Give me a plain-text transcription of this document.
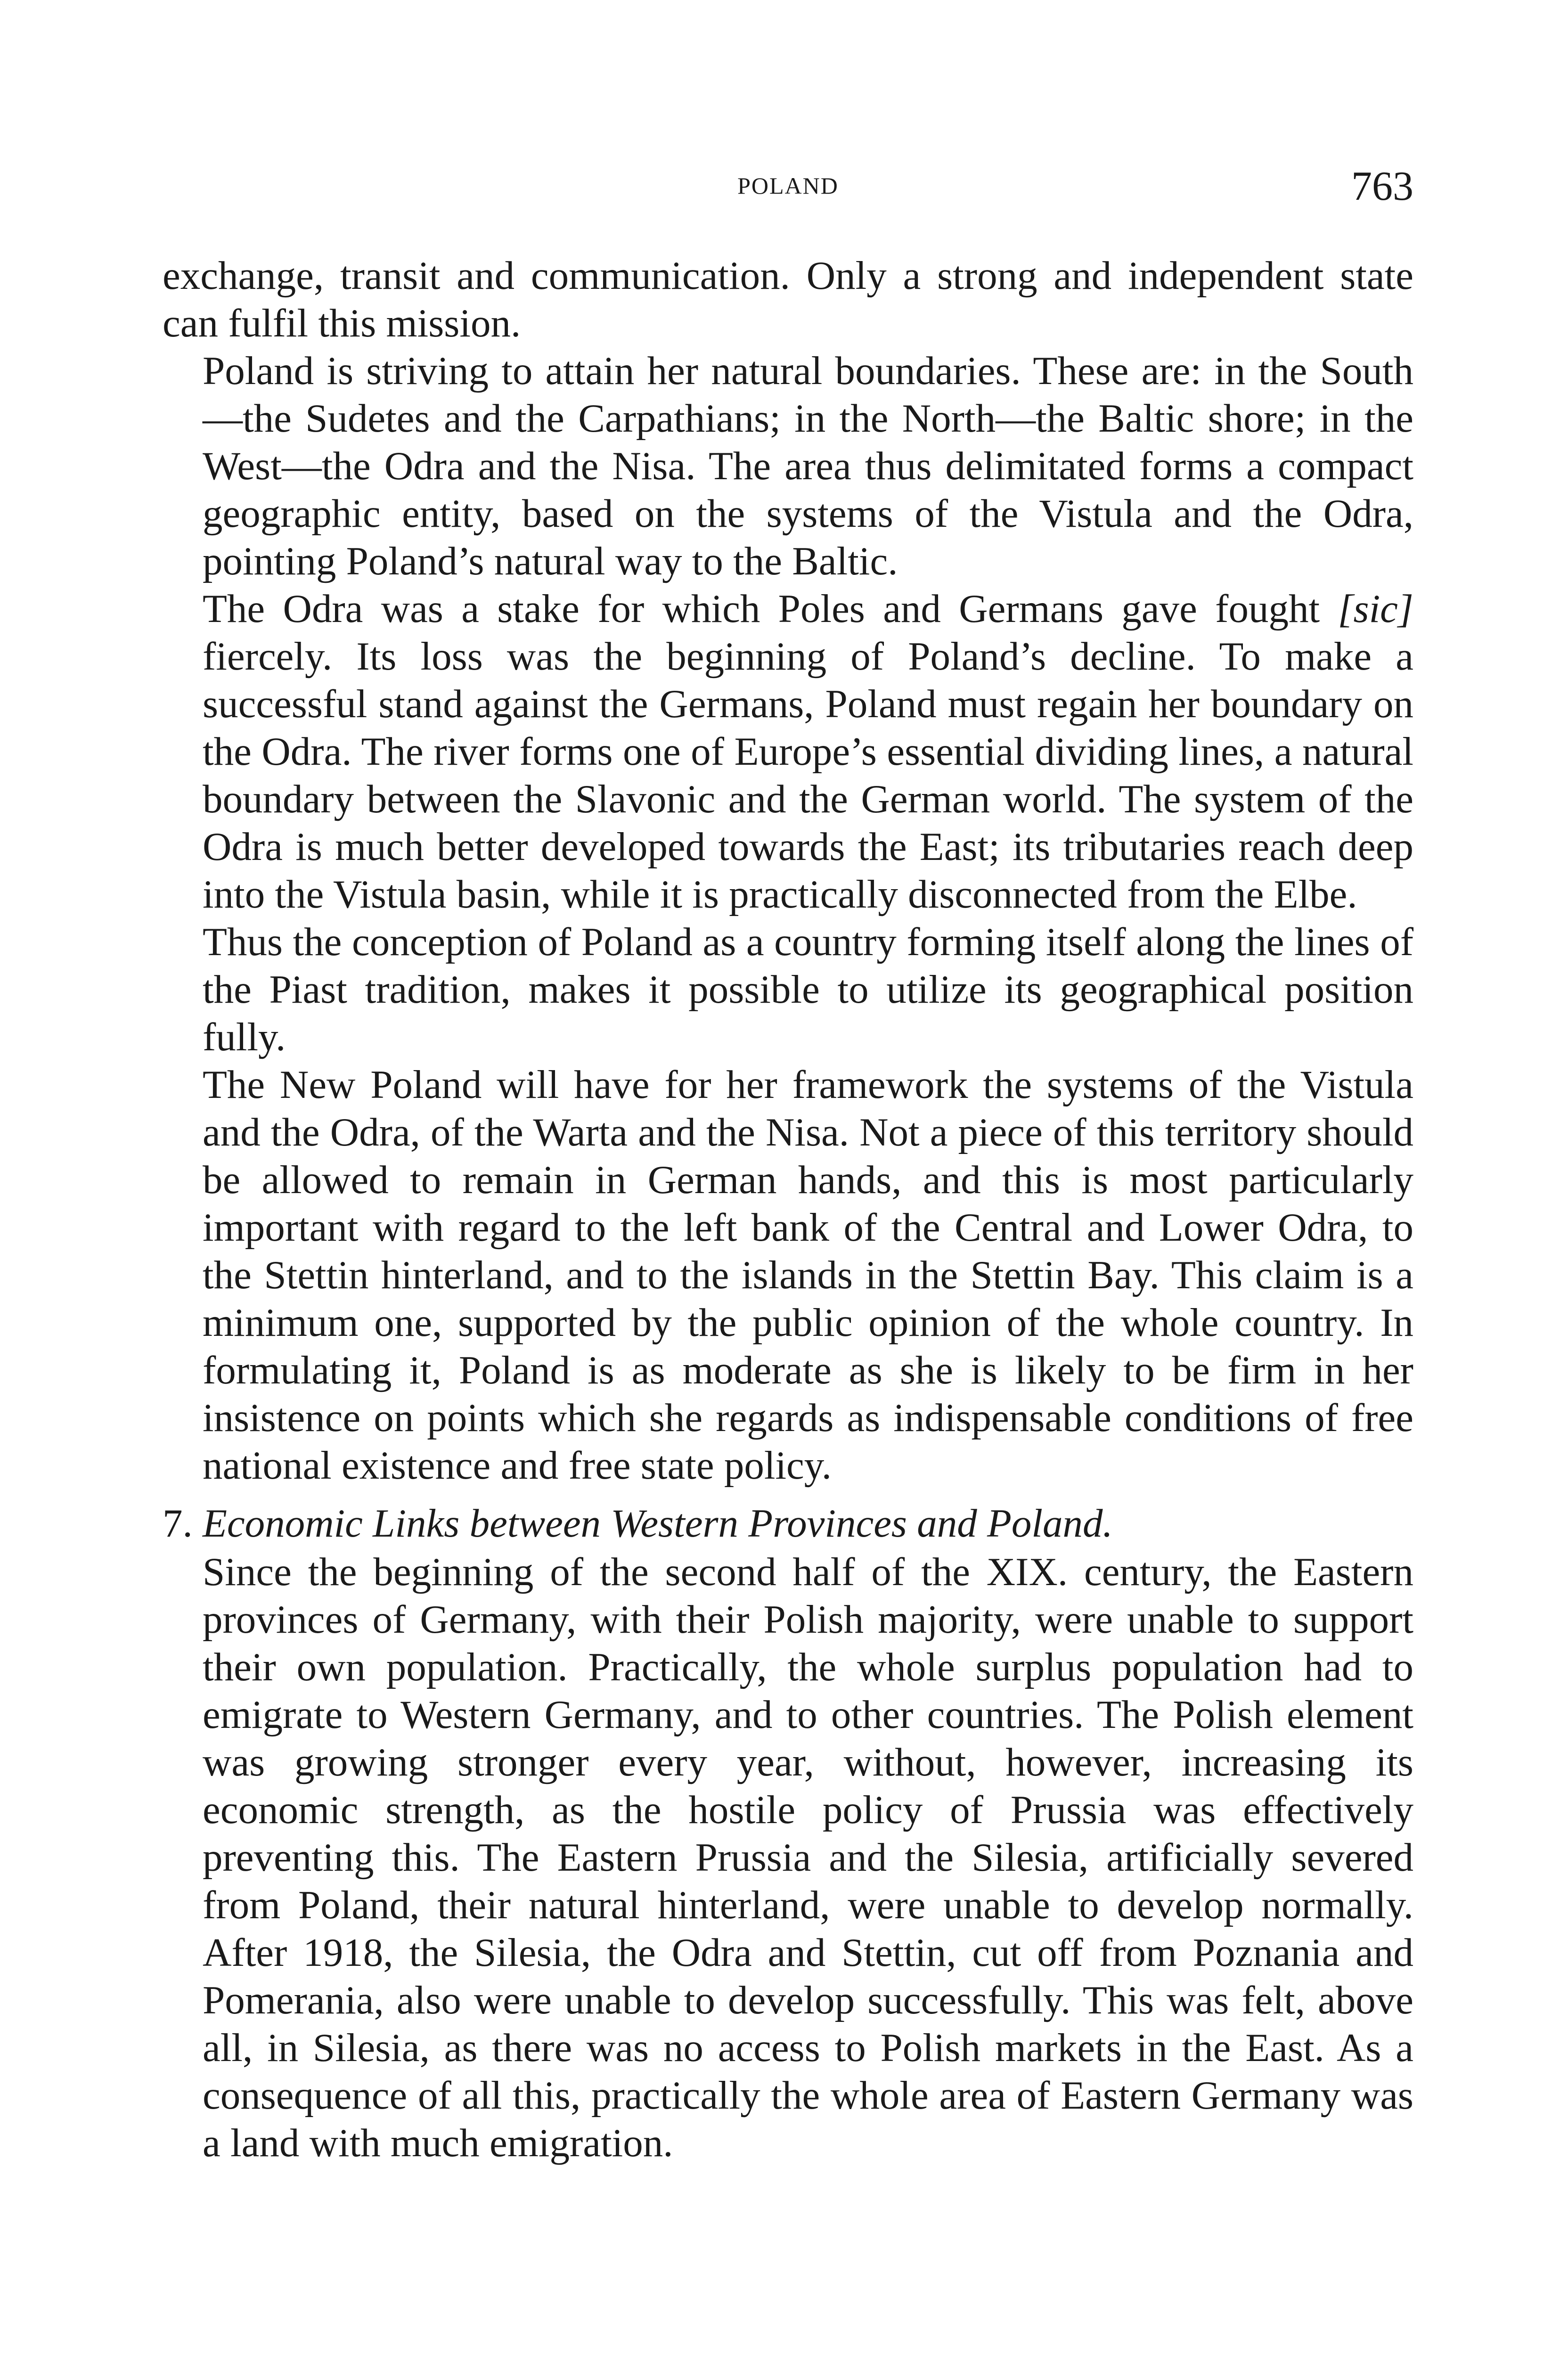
POLAND	763

exchange, transit and communication. Only a strong and independent state can fulfil this mission.

Poland is striving to attain her natural boundaries. These are: in the South—the Sudetes and the Carpathians; in the North—the Baltic shore; in the West—the Odra and the Nisa. The area thus delimitated forms a compact geographic entity, based on the systems of the Vistula and the Odra, pointing Poland’s natural way to the Baltic.

The Odra was a stake for which Poles and Germans gave fought [sic] fiercely. Its loss was the beginning of Poland’s decline. To make a successful stand against the Germans, Poland must regain her boundary on the Odra. The river forms one of Europe’s essential dividing lines, a natural boundary between the Slavonic and the German world. The system of the Odra is much better developed towards the East; its tributaries reach deep into the Vistula basin, while it is practically disconnected from the Elbe.

Thus the conception of Poland as a country forming itself along the lines of the Piast tradition, makes it possible to utilize its geographical position fully.

The New Poland will have for her framework the systems of the Vistula and the Odra, of the Warta and the Nisa. Not a piece of this territory should be allowed to remain in German hands, and this is most particularly important with regard to the left bank of the Central and Lower Odra, to the Stettin hinterland, and to the islands in the Stettin Bay. This claim is a minimum one, supported by the public opinion of the whole country. In formulating it, Poland is as moderate as she is likely to be firm in her insistence on points which she regards as indispensable conditions of free national existence and free state policy.

7. Economic Links between Western Provinces and Poland.

Since the beginning of the second half of the XIX. century, the Eastern provinces of Germany, with their Polish majority, were unable to support their own population. Practically, the whole surplus population had to emigrate to Western Germany, and to other countries. The Polish element was growing stronger every year, without, however, increasing its economic strength, as the hostile policy of Prussia was effectively preventing this. The Eastern Prussia and the Silesia, artificially severed from Poland, their natural hinterland, were unable to develop normally. After 1918, the Silesia, the Odra and Stettin, cut off from Poznania and Pomerania, also were unable to develop successfully. This was felt, above all, in Silesia, as there was no access to Polish markets in the East. As a consequence of all this, practically the whole area of Eastern Germany was a land with much emigration.
